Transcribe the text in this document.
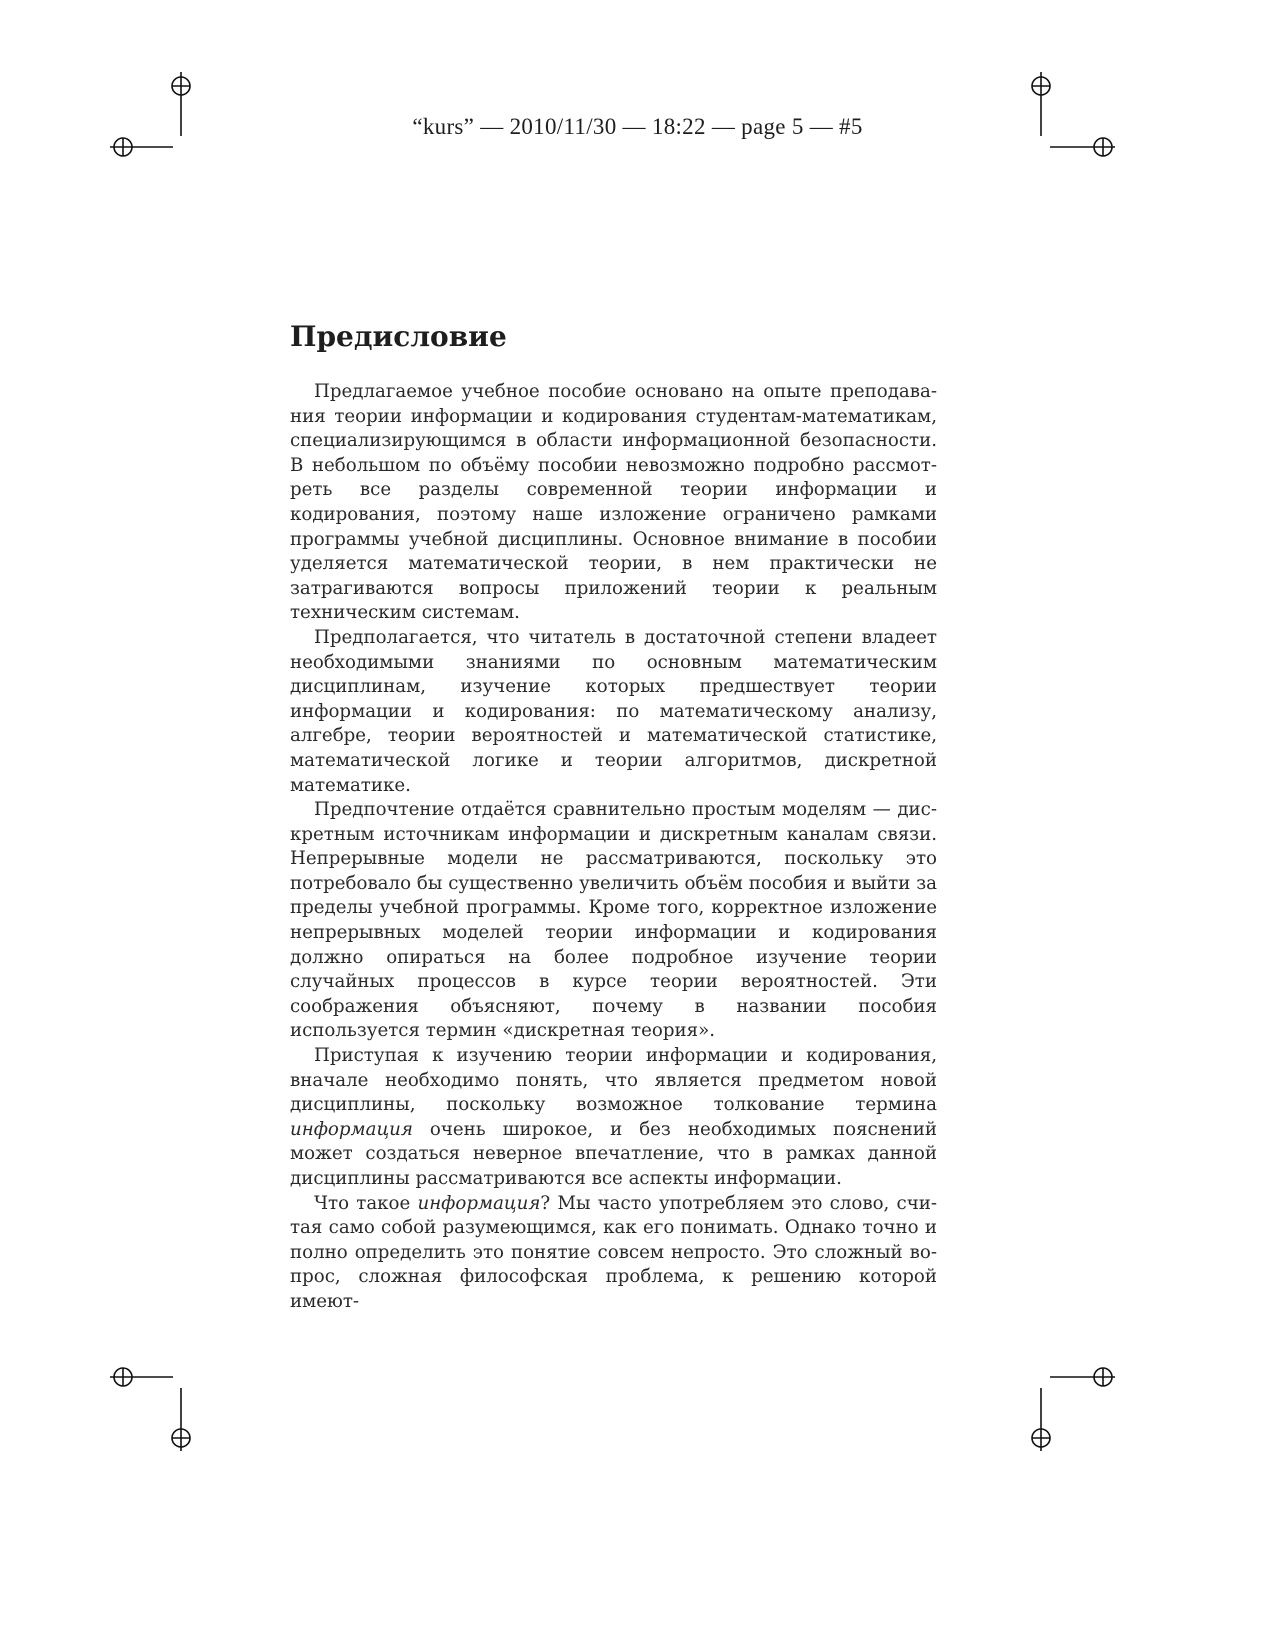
“kurs” — 2010/11/30 — 18:22 — page 5 — #5
Предисловие

Предлагаемое учебное пособие основано на опыте преподавания теории информации и кодирования студентам-математикам, специализирующимся в области информационной безопасности. В небольшом по объёму пособии невозможно подробно рассмотреть все разделы современной теории информации и кодирования, поэтому наше изложение ограничено рамками программы учебной дисциплины. Основное внимание в пособии уделяется математической теории, в нем практически не затрагиваются вопросы приложений теории к реальным техническим системам.

Предполагается, что читатель в достаточной степени владеет необходимыми знаниями по основным математическим дисциплинам, изучение которых предшествует теории информации и кодирования: по математическому анализу, алгебре, теории вероятностей и математической статистике, математической логике и теории алгоритмов, дискретной математике.

Предпочтение отдаётся сравнительно простым моделям — дискретным источникам информации и дискретным каналам связи. Непрерывные модели не рассматриваются, поскольку это потребовало бы существенно увеличить объём пособия и выйти за пределы учебной программы. Кроме того, корректное изложение непрерывных моделей теории информации и кодирования должно опираться на более подробное изучение теории случайных процессов в курсе теории вероятностей. Эти соображения объясняют, почему в названии пособия используется термин «дискретная теория».

Приступая к изучению теории информации и кодирования, вначале необходимо понять, что является предметом новой дисциплины, поскольку возможное толкование термина информация очень широкое, и без необходимых пояснений может создаться неверное впечатление, что в рамках данной дисциплины рассматриваются все аспекты информации.

Что такое информация? Мы часто употребляем это слово, считая само собой разумеющимся, как его понимать. Однако точно и полно определить это понятие совсем непросто. Это сложный вопрос, сложная философская проблема, к решению которой имеют-
